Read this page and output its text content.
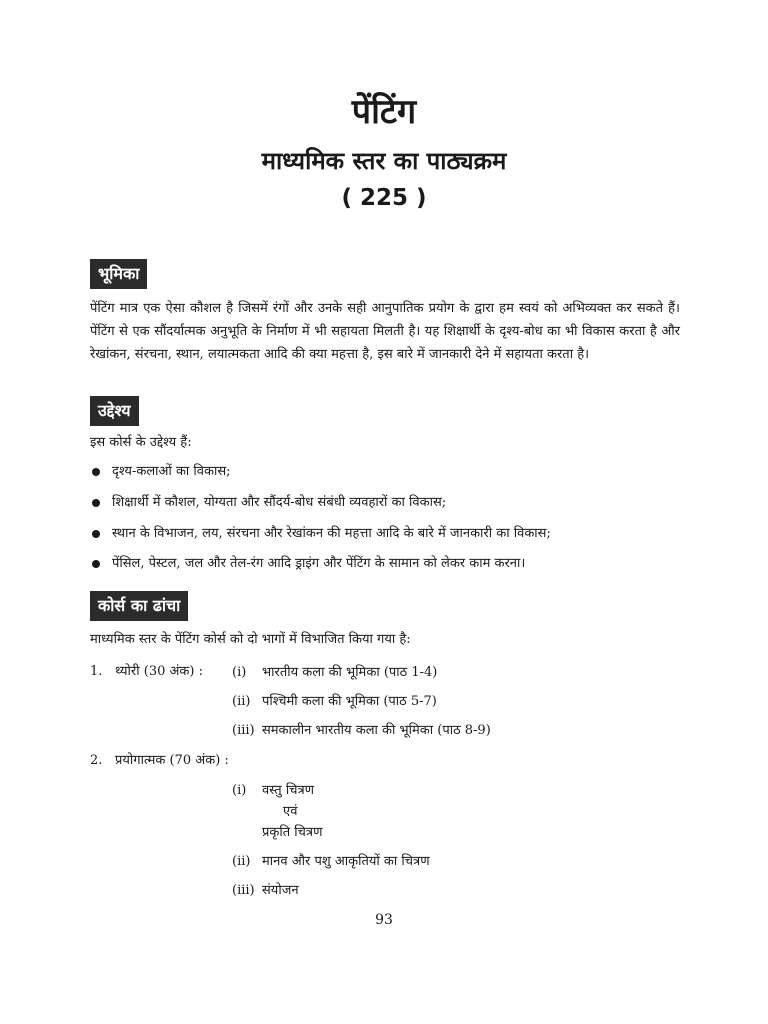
पेंटिंग
माध्यमिक स्तर का पाठ्यक्रम
( 225 )
भूमिका
पेंटिंग मात्र एक ऐसा कौशल है जिसमें रंगों और उनके सही आनुपातिक प्रयोग के द्वारा हम स्वयं को अभिव्यक्त कर सकते हैं। पेंटिंग से एक सौंदर्यात्मक अनुभूति के निर्माण में भी सहायता मिलती है। यह शिक्षार्थी के दृश्य-बोध का भी विकास करता है और रेखांकन, संरचना, स्थान, लयात्मकता आदि की क्या महत्ता है, इस बारे में जानकारी देने में सहायता करता है।
उद्देश्य
इस कोर्स के उद्देश्य हैं:
दृश्य-कलाओं का विकास;
शिक्षार्थी में कौशल, योग्यता और सौंदर्य-बोध संबंधी व्यवहारों का विकास;
स्थान के विभाजन, लय, संरचना और रेखांकन की महत्ता आदि के बारे में जानकारी का विकास;
पेंसिल, पेस्टल, जल और तेल-रंग आदि ड्राइंग और पेंटिंग के सामान को लेकर काम करना।
कोर्स का ढांचा
माध्यमिक स्तर के पेंटिंग कोर्स को दो भागों में विभाजित किया गया है:
1. थ्योरी (30 अंक) : (i) भारतीय कला की भूमिका (पाठ 1-4)
(ii) पश्चिमी कला की भूमिका (पाठ 5-7)
(iii) समकालीन भारतीय कला की भूमिका (पाठ 8-9)
2. प्रयोगात्मक (70 अंक) :
(i) वस्तु चित्रण
एवं
प्रकृति चित्रण
(ii) मानव और पशु आकृतियों का चित्रण
(iii) संयोजन
93
